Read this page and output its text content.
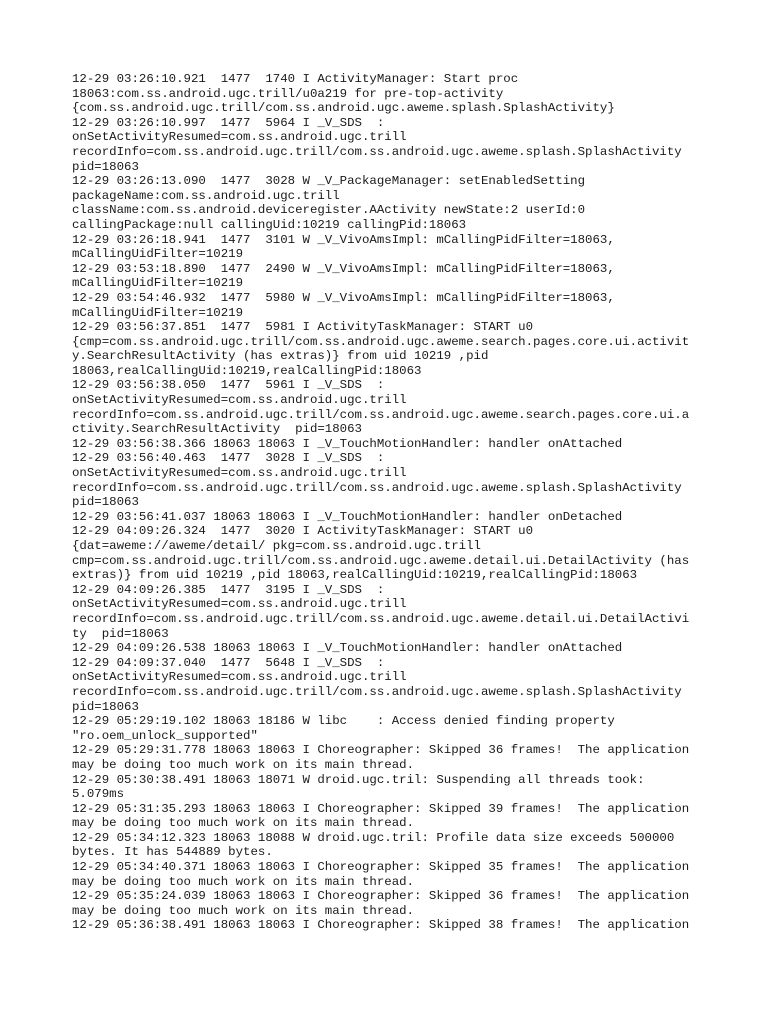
12-29 03:26:10.921  1477  1740 I ActivityManager: Start proc
18063:com.ss.android.ugc.trill/u0a219 for pre-top-activity
{com.ss.android.ugc.trill/com.ss.android.ugc.aweme.splash.SplashActivity}
12-29 03:26:10.997  1477  5964 I _V_SDS  :
onSetActivityResumed=com.ss.android.ugc.trill
recordInfo=com.ss.android.ugc.trill/com.ss.android.ugc.aweme.splash.SplashActivity
pid=18063
12-29 03:26:13.090  1477  3028 W _V_PackageManager: setEnabledSetting
packageName:com.ss.android.ugc.trill
className:com.ss.android.deviceregister.AActivity newState:2 userId:0
callingPackage:null callingUid:10219 callingPid:18063
12-29 03:26:18.941  1477  3101 W _V_VivoAmsImpl: mCallingPidFilter=18063,
mCallingUidFilter=10219
12-29 03:53:18.890  1477  2490 W _V_VivoAmsImpl: mCallingPidFilter=18063,
mCallingUidFilter=10219
12-29 03:54:46.932  1477  5980 W _V_VivoAmsImpl: mCallingPidFilter=18063,
mCallingUidFilter=10219
12-29 03:56:37.851  1477  5981 I ActivityTaskManager: START u0
{cmp=com.ss.android.ugc.trill/com.ss.android.ugc.aweme.search.pages.core.ui.activit
y.SearchResultActivity (has extras)} from uid 10219 ,pid
18063,realCallingUid:10219,realCallingPid:18063
12-29 03:56:38.050  1477  5961 I _V_SDS  :
onSetActivityResumed=com.ss.android.ugc.trill
recordInfo=com.ss.android.ugc.trill/com.ss.android.ugc.aweme.search.pages.core.ui.a
ctivity.SearchResultActivity  pid=18063
12-29 03:56:38.366 18063 18063 I _V_TouchMotionHandler: handler onAttached
12-29 03:56:40.463  1477  3028 I _V_SDS  :
onSetActivityResumed=com.ss.android.ugc.trill
recordInfo=com.ss.android.ugc.trill/com.ss.android.ugc.aweme.splash.SplashActivity
pid=18063
12-29 03:56:41.037 18063 18063 I _V_TouchMotionHandler: handler onDetached
12-29 04:09:26.324  1477  3020 I ActivityTaskManager: START u0
{dat=aweme://aweme/detail/ pkg=com.ss.android.ugc.trill
cmp=com.ss.android.ugc.trill/com.ss.android.ugc.aweme.detail.ui.DetailActivity (has
extras)} from uid 10219 ,pid 18063,realCallingUid:10219,realCallingPid:18063
12-29 04:09:26.385  1477  3195 I _V_SDS  :
onSetActivityResumed=com.ss.android.ugc.trill
recordInfo=com.ss.android.ugc.trill/com.ss.android.ugc.aweme.detail.ui.DetailActivi
ty  pid=18063
12-29 04:09:26.538 18063 18063 I _V_TouchMotionHandler: handler onAttached
12-29 04:09:37.040  1477  5648 I _V_SDS  :
onSetActivityResumed=com.ss.android.ugc.trill
recordInfo=com.ss.android.ugc.trill/com.ss.android.ugc.aweme.splash.SplashActivity
pid=18063
12-29 05:29:19.102 18063 18186 W libc    : Access denied finding property
"ro.oem_unlock_supported"
12-29 05:29:31.778 18063 18063 I Choreographer: Skipped 36 frames!  The application
may be doing too much work on its main thread.
12-29 05:30:38.491 18063 18071 W droid.ugc.tril: Suspending all threads took:
5.079ms
12-29 05:31:35.293 18063 18063 I Choreographer: Skipped 39 frames!  The application
may be doing too much work on its main thread.
12-29 05:34:12.323 18063 18088 W droid.ugc.tril: Profile data size exceeds 500000
bytes. It has 544889 bytes.
12-29 05:34:40.371 18063 18063 I Choreographer: Skipped 35 frames!  The application
may be doing too much work on its main thread.
12-29 05:35:24.039 18063 18063 I Choreographer: Skipped 36 frames!  The application
may be doing too much work on its main thread.
12-29 05:36:38.491 18063 18063 I Choreographer: Skipped 38 frames!  The application
